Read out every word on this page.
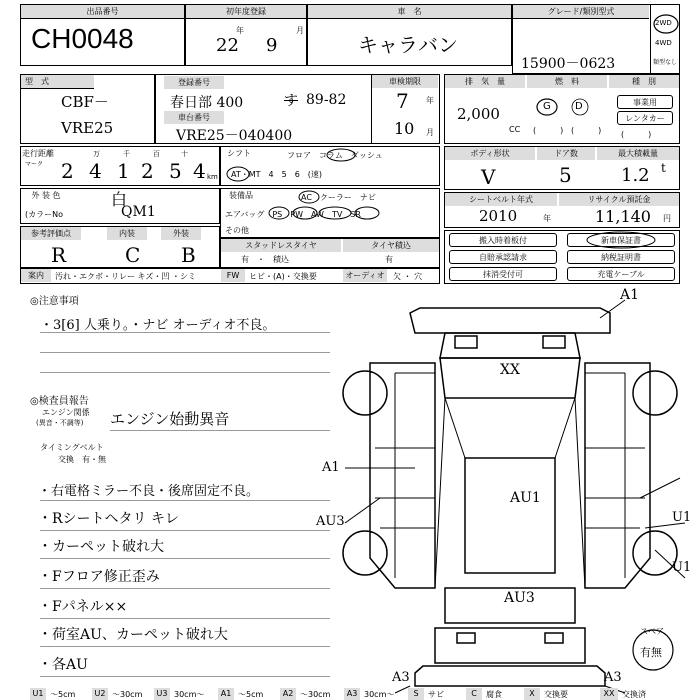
出品番号
CH0048
初年度登録
年	月
22 9
車　名
キャラバン
グレード/類別型式
15900－0623
2WD
4WD
類型なし
型　式
CBF－
VRE25
登録番号
春日部 400	す 89-82
車台番号
VRE25－040400
車検期限
7 年
10 月
排　気　量
2,000
CC
燃　料
G D
(　　　) (　　　)
種　別
事業用
レンタカー
(　　　)
走行距離
マーク
万	千	百	十
2 4 1 2 5 4 km
シフト	フロア　コラム　ダッシュ
AT・MT　4　5　6　(速)
ボディ形状
V
ドア数
5
最大積載量
1.2 t
外 装 色	白
(カラーNo	QM1
装備品	AC　クーラー　ナビ
エアバッグ　PS　PW　AW　TV　SR
その他
シートベルト年式
2010	年
リサイクル預託金
11,140 円
参考評価点
R
内装
C
外装
B	スタッドレスタイヤ
有　・　積込
タイヤ積込
有
搬入時着板付	新車保証書
自賠承認請求	納税証明書
抹消受付可	充電ケーブル
案内	汚れ・エクボ・リレー キズ・凹 ・シミ	FW	ヒビ・(A)・交換要	オーディオ 欠 ・ 穴
◎注意事項
・3[6] 人乗り。・ナビ オーディオ不良。
◎検査員報告
エンジン関係
(異音・不調等) エンジン始動異音
タイミングベルト
交換　有・無
・右電格ミラー不良・後席固定不良。
・Rシートヘタリ キレ
・カーペット破れ大
・Fフロア修正歪み
・Fパネル××
・荷室AU、カーペット破れ大
・各AU
A1
XX
AU1
A1
AU3	U1
AU3
U1
A3	A3
スペア
有無
U1 〜5cm	U2 〜30cm	U3 30cm〜	A1 〜5cm	A2 〜30cm	A3 30cm〜	S	サビ	C	腐食	X	交換要	XX 交換済
